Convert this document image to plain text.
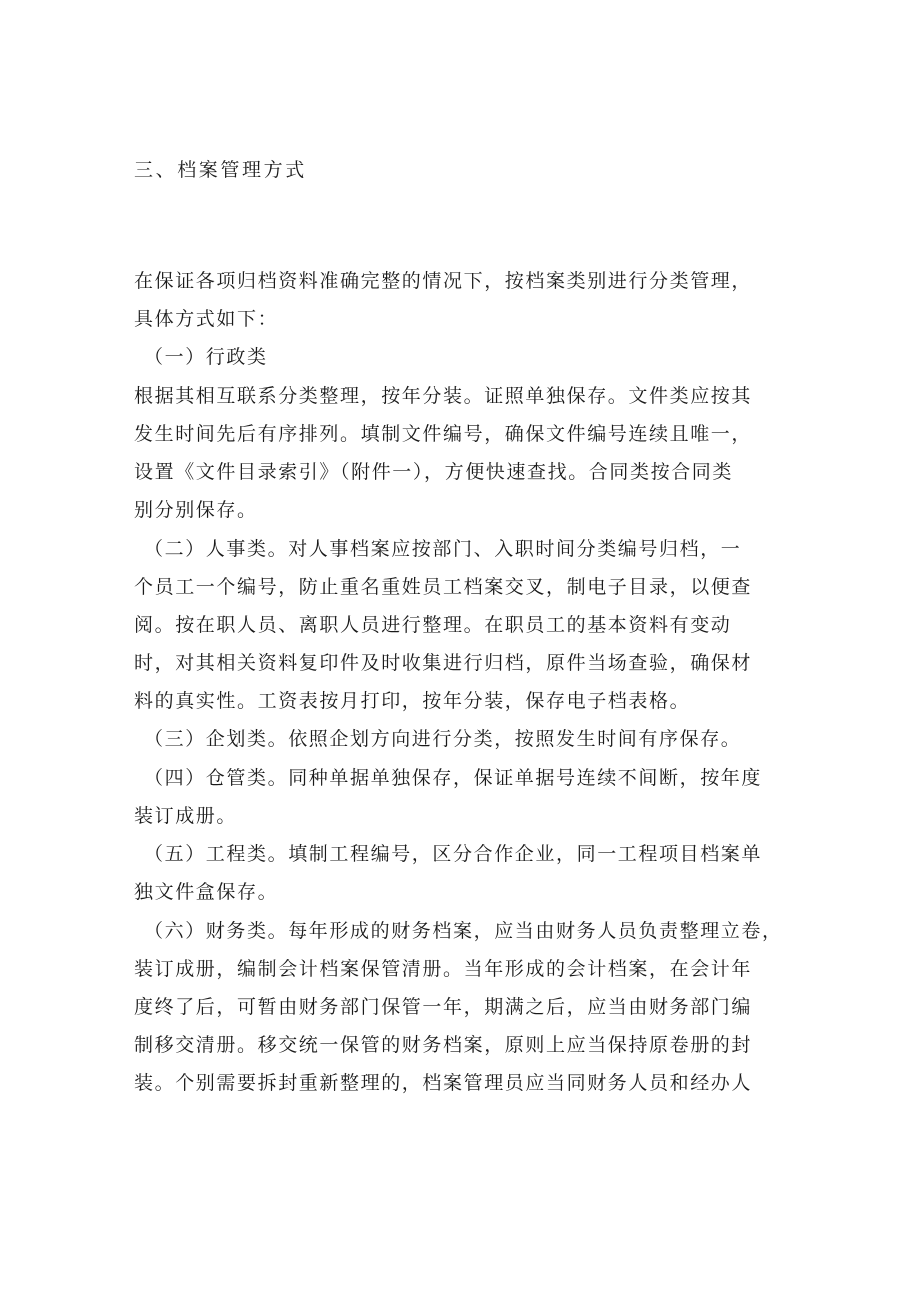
三、档案管理方式
在保证各项归档资料准确完整的情况下，按档案类别进行分类管理，
具体方式如下：
（一）行政类
根据其相互联系分类整理，按年分装。证照单独保存。文件类应按其
发生时间先后有序排列。填制文件编号，确保文件编号连续且唯一，
设置《文件目录索引》（附件一），方便快速查找。合同类按合同类
别分别保存。
（二）人事类。对人事档案应按部门、入职时间分类编号归档，一
个员工一个编号，防止重名重姓员工档案交叉，制电子目录，以便查
阅。按在职人员、离职人员进行整理。在职员工的基本资料有变动
时，对其相关资料复印件及时收集进行归档，原件当场查验，确保材
料的真实性。工资表按月打印，按年分装，保存电子档表格。
（三）企划类。依照企划方向进行分类，按照发生时间有序保存。
（四）仓管类。同种单据单独保存，保证单据号连续不间断，按年度
装订成册。
（五）工程类。填制工程编号，区分合作企业，同一工程项目档案单
独文件盒保存。
（六）财务类。每年形成的财务档案，应当由财务人员负责整理立卷，
装订成册，编制会计档案保管清册。当年形成的会计档案，在会计年
度终了后，可暂由财务部门保管一年，期满之后，应当由财务部门编
制移交清册。移交统一保管的财务档案，原则上应当保持原卷册的封
装。个别需要拆封重新整理的，档案管理员应当同财务人员和经办人
